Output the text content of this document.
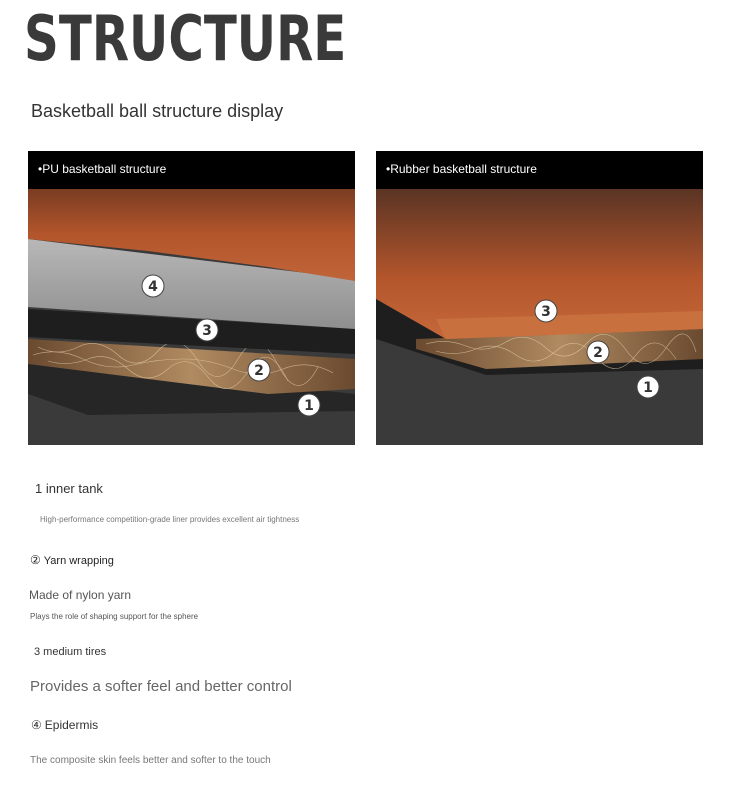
STRUCTURE
Basketball ball structure display
•PU basketball structure
4
3
2
1
•Rubber basketball structure
3
2
1
1 inner tank
High-performance competition-grade liner provides excellent air tightness
② Yarn wrapping
Made of nylon yarn
Plays the role of shaping support for the sphere
3 medium tires
Provides a softer feel and better control
④ Epidermis
The composite skin feels better and softer to the touch
